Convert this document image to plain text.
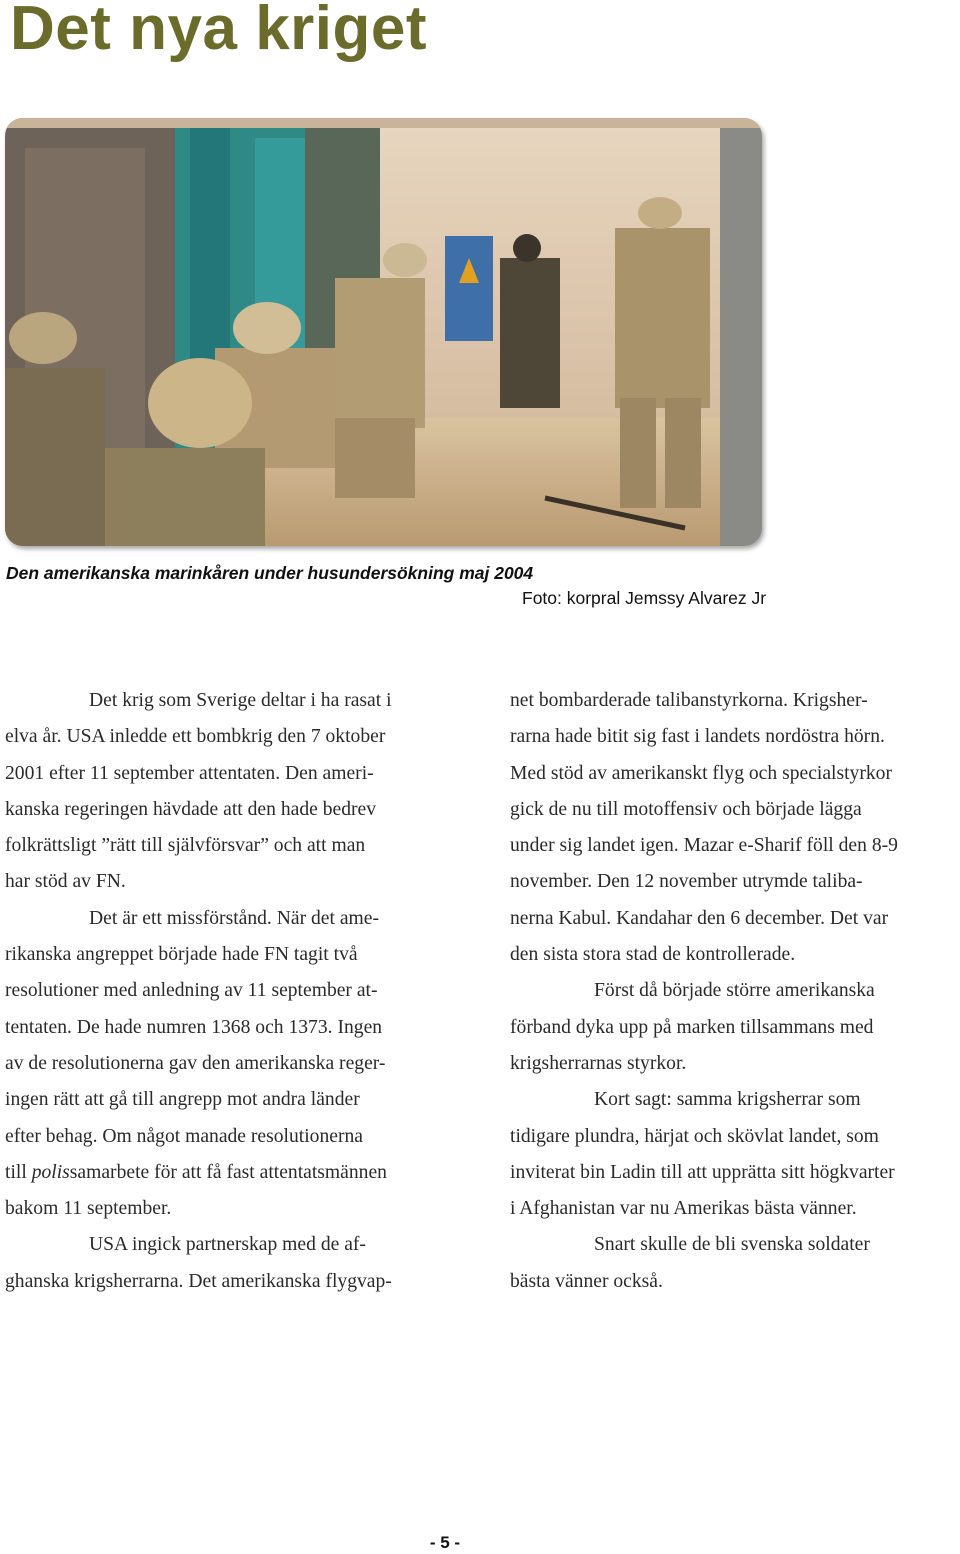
Det nya kriget
Den amerikanska marinkåren under husundersökning maj 2004
Foto: korpral Jemssy Alvarez Jr

Det krig som Sverige deltar i ha rasat i

elva år. USA inledde ett bombkrig den 7 oktober

2001 efter 11 september attentaten. Den ameri-

kanska regeringen hävdade att den hade bedrev

folkrättsligt ”rätt till självförsvar” och att man

har stöd av FN.

Det är ett missförstånd. När det ame-

rikanska angreppet började hade FN tagit två

resolutioner med anledning av 11 september at-

tentaten. De hade numren 1368 och 1373. Ingen

av de resolutionerna gav den amerikanska reger-

ingen rätt att gå till angrepp mot andra länder

efter behag. Om något manade resolutionerna

till polissamarbete för att få fast attentatsmännen

bakom 11 september.

USA ingick partnerskap med de af-

ghanska krigsherrarna. Det amerikanska flygvap-

net bombarderade talibanstyrkorna. Krigsher-

rarna hade bitit sig fast i landets nordöstra hörn.

Med stöd av amerikanskt flyg och specialstyrkor

gick de nu till motoffensiv och började lägga

under sig landet igen. Mazar e-Sharif föll den 8-9

november. Den 12 november utrymde taliba-

nerna Kabul. Kandahar den 6 december. Det var

den sista stora stad de kontrollerade.

Först då började större amerikanska

förband dyka upp på marken tillsammans med

krigsherrarnas styrkor.

Kort sagt: samma krigsherrar som

tidigare plundra, härjat och skövlat landet, som

inviterat bin Ladin till att upprätta sitt högkvarter

i Afghanistan var nu Amerikas bästa vänner.

Snart skulle de bli svenska soldater

bästa vänner också.

- 5 -
